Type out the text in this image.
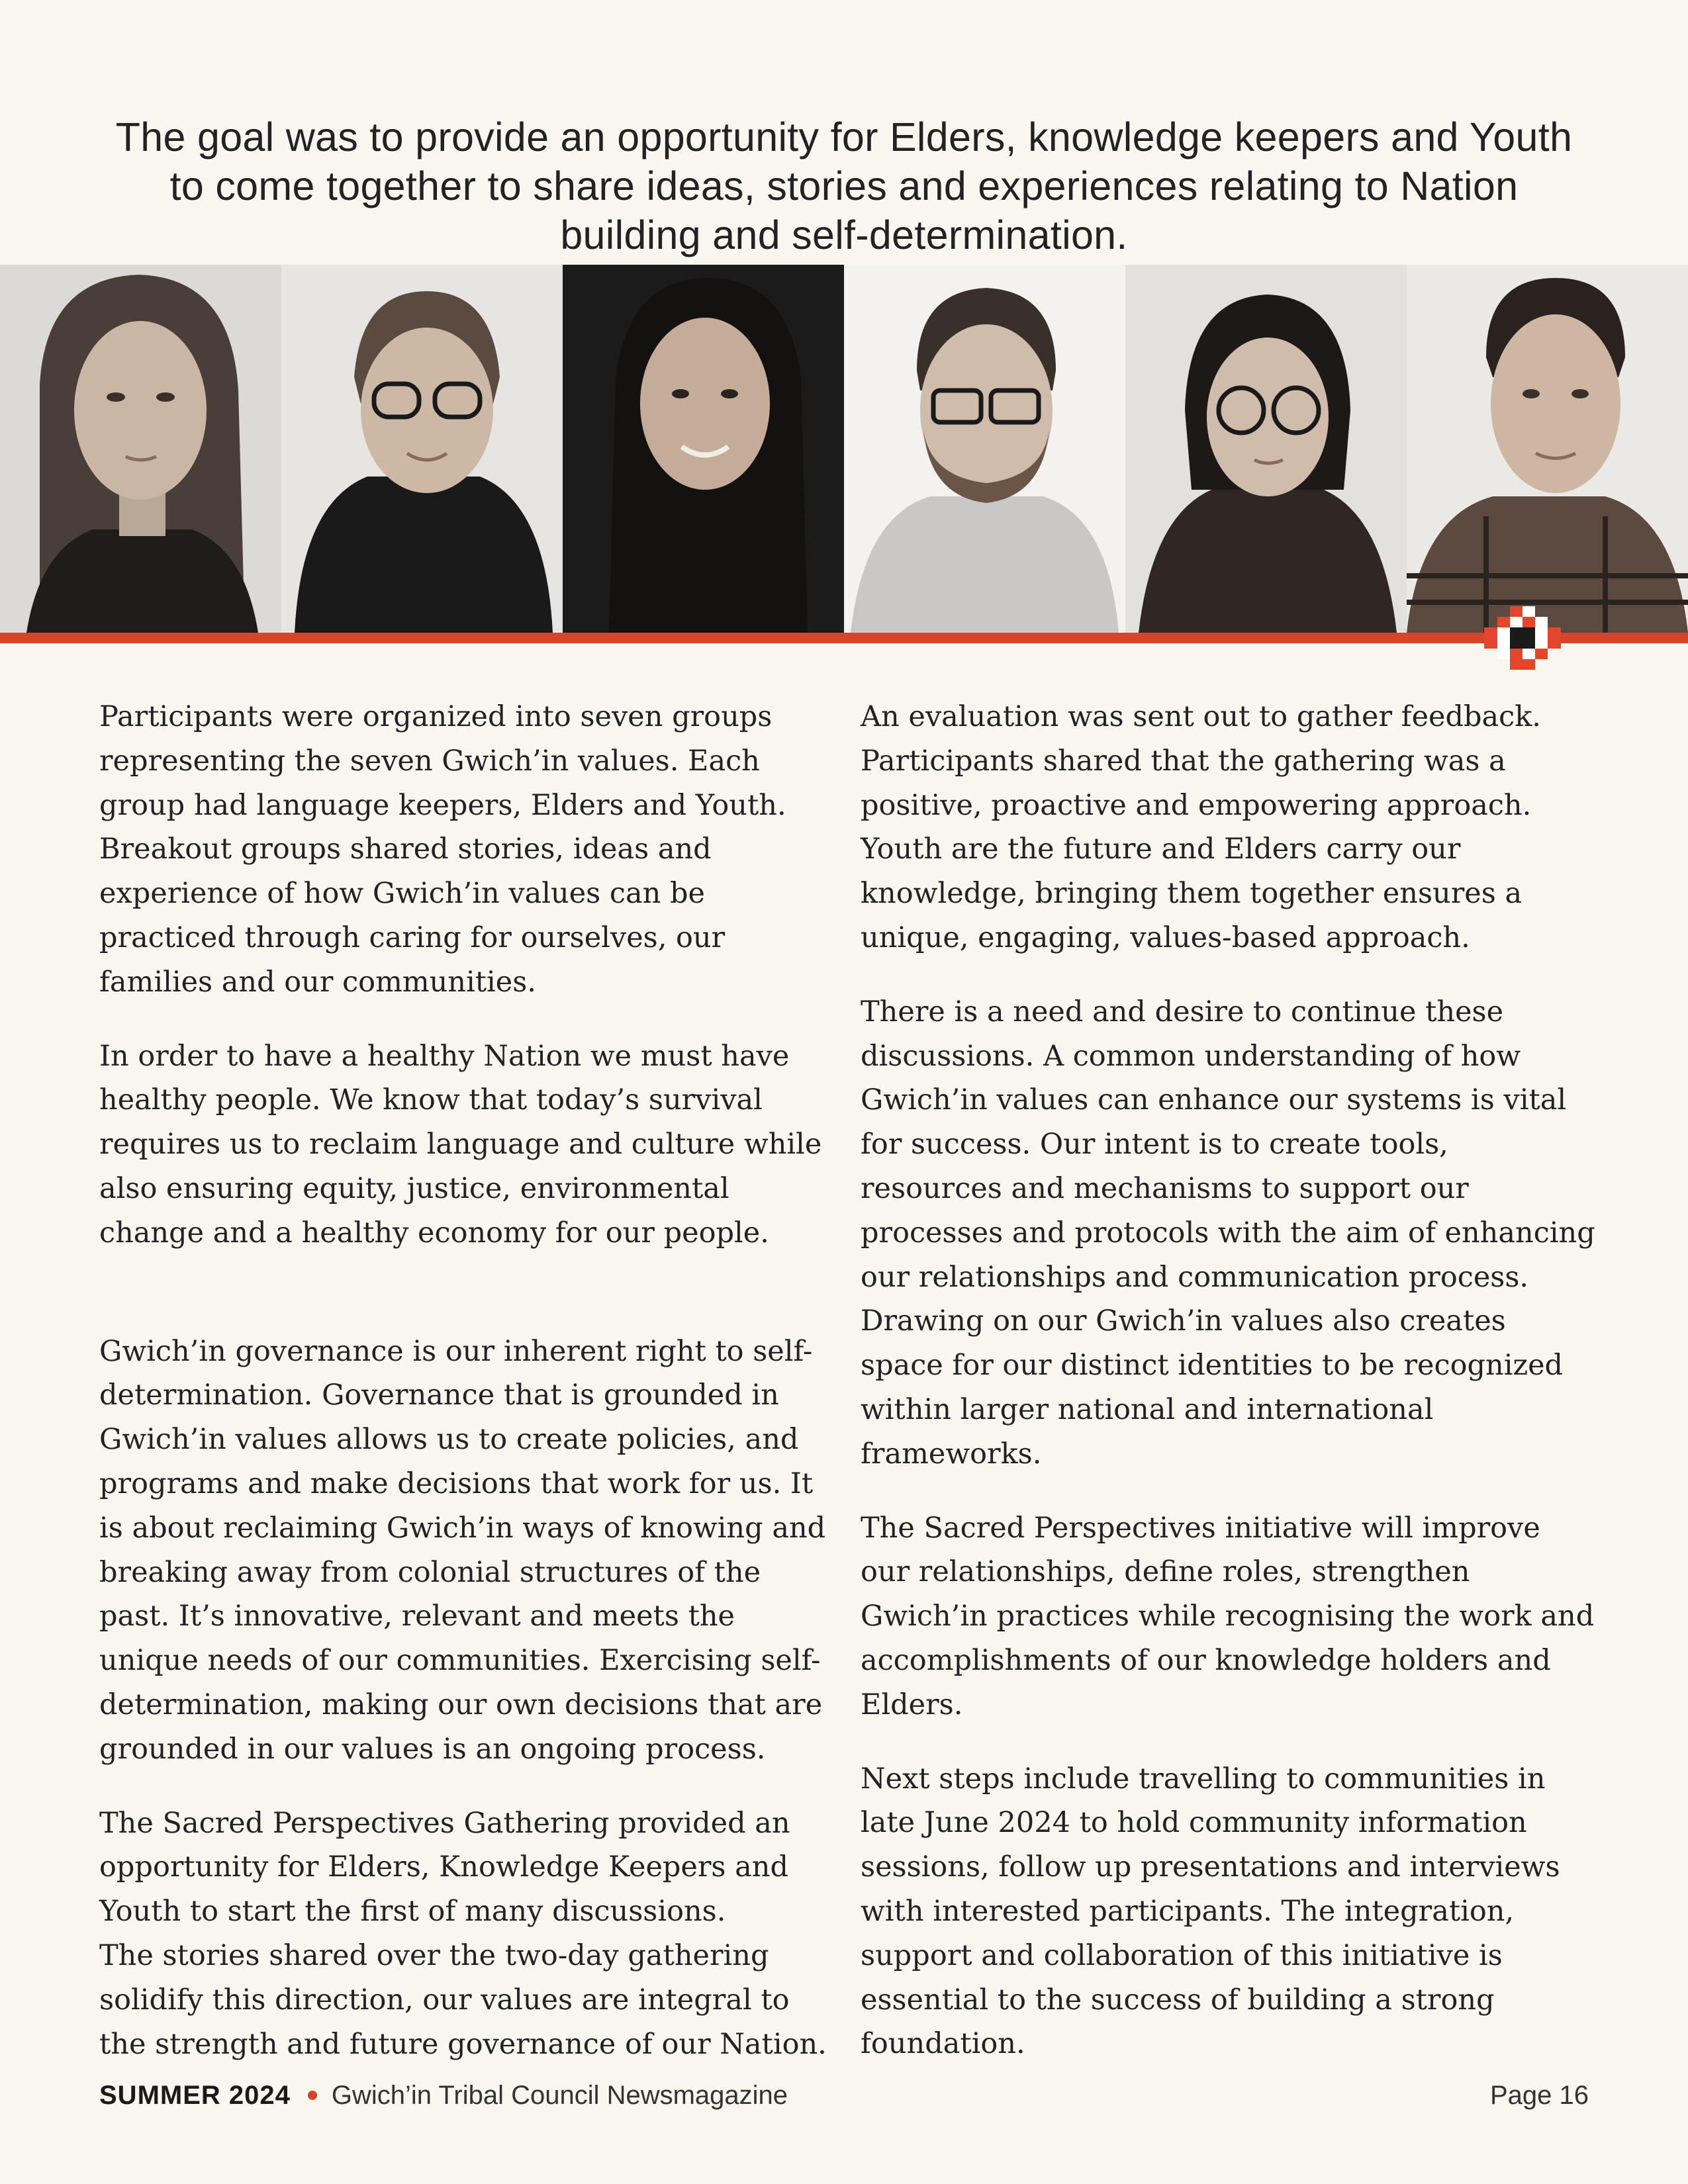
The goal was to provide an opportunity for Elders, knowledge keepers and Youth to come together to share ideas, stories and experiences relating to Nation building and self-determination.

Participants were organized into seven groups representing the seven Gwich’in values. Each group had language keepers, Elders and Youth.

Breakout groups shared stories, ideas and experience of how Gwich’in values can be practiced through caring for ourselves, our families and our communities.

In order to have a healthy Nation we must have healthy people. We know that today’s survival requires us to reclaim language and culture while also ensuring equity, justice, environmental change and a healthy economy for our people.

Gwich’in governance is our inherent right to self-determination. Governance that is grounded in Gwich’in values allows us to create policies, and programs and make decisions that work for us. It is about reclaiming Gwich’in ways of knowing and breaking away from colonial structures of the past. It’s innovative, relevant and meets the unique needs of our communities. Exercising self-determination, making our own decisions that are grounded in our values is an ongoing process.

The Sacred Perspectives Gathering provided an opportunity for Elders, Knowledge Keepers and Youth to start the first of many discussions.

The stories shared over the two-day gathering solidify this direction, our values are integral to the strength and future governance of our Nation.

An evaluation was sent out to gather feedback. Participants shared that the gathering was a positive, proactive and empowering approach. Youth are the future and Elders carry our knowledge, bringing them together ensures a unique, engaging, values-based approach.

There is a need and desire to continue these discussions. A common understanding of how Gwich’in values can enhance our systems is vital for success. Our intent is to create tools, resources and mechanisms to support our processes and protocols with the aim of enhancing our relationships and communication process. Drawing on our Gwich’in values also creates space for our distinct identities to be recognized within larger national and international frameworks.

The Sacred Perspectives initiative will improve our relationships, define roles, strengthen Gwich’in practices while recognising the work and accomplishments of our knowledge holders and Elders.

Next steps include travelling to communities in late June 2024 to hold community information sessions, follow up presentations and interviews with interested participants. The integration, support and collaboration of this initiative is essential to the success of building a strong foundation.

SUMMER 2024 Gwich’in Tribal Council Newsmagazine	Page 16
